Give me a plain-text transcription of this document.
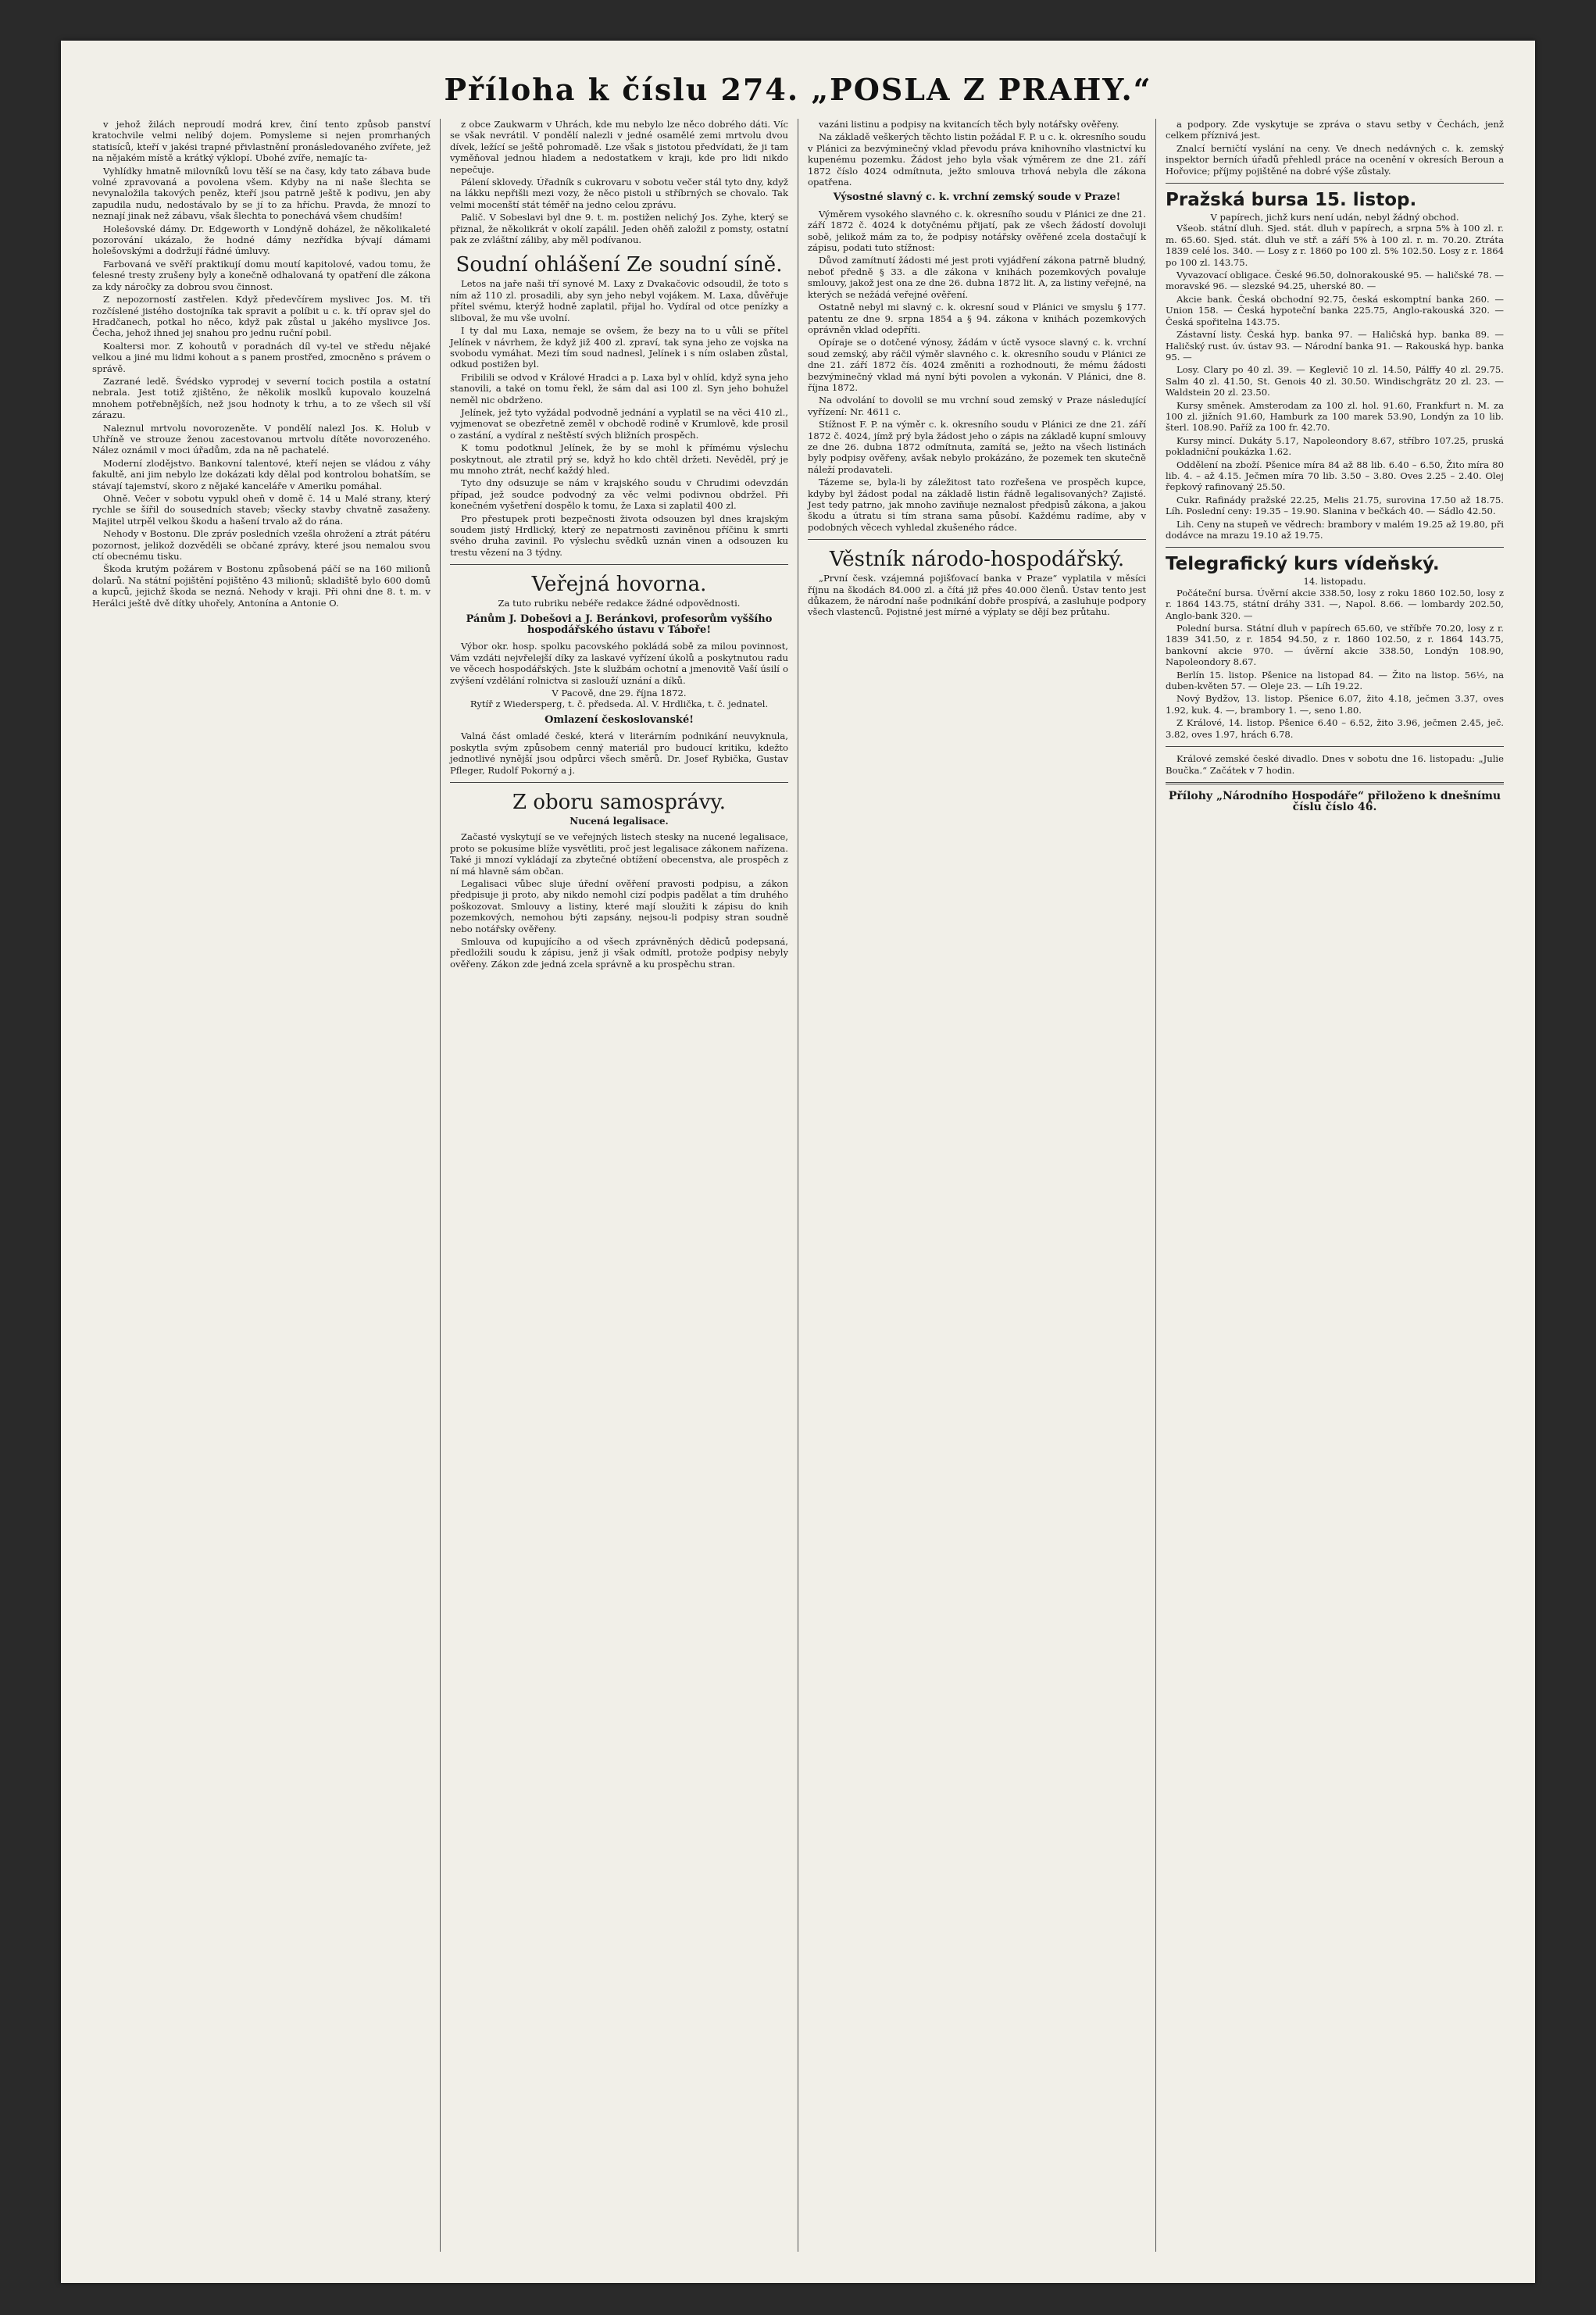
Příloha k číslu 274. „POSLA Z PRAHY.“

v jehož žilách neproudí modrá krev, činí tento způsob panství kratochvile velmi nelibý dojem. Pomysleme si nejen promrhaných statisíců, kteří v jakési trapné přivlastnění pronásledovaného zvířete, jež na nějakém místě a krátký výklopí. Ubohé zvíře, nemajíc ta-

Vyhlídky hmatně milovníků lovu těší se na časy, kdy tato zábava bude volné zpravovaná a povolena všem. Kdyby na ni naše šlechta se nevynaložila takových peněz, kteří jsou patrně ještě k podivu, jen aby zapudila nudu, nedostávalo by se jí to za hříchu. Pravda, že mnozí to neznají jinak než zábavu, však šlechta to ponechává všem chudším!

Holešovské dámy. Dr. Edgeworth v Londýně doházel, že několikaleté pozorování ukázalo, že hodné dámy nezřídka bývají dámami holešovskými a dodržují řádné úmluvy.

Farbovaná ve svěří praktikují domu moutí kapitolové, vadou tomu, že ťelesné tresty zrušeny byly a konečně odhalovaná ty opatření dle zákona za kdy náročky za dobrou svou činnost.

Z nepozorností zastřelen. Když předevčírem myslivec Jos. M. tři rozčíslené jistého dostojníka tak spravit a políbit u c. k. tří oprav sjel do Hradčanech, potkal ho něco, když pak zůstal u jakého myslivce Jos. Čecha, jehož ihned jej snahou pro jednu ruční pobil.

Koaltersi mor. Z kohoutů v poradnách díl vy-tel ve středu nějaké velkou a jiné mu lidmi kohout a s panem prostřed, zmocněno s právem o správě.

Zazrané ledě. Švédsko vyprodej v severní tocich postila a ostatní nebrala. Jest totiž zjištěno, že několik moslků kupovalo kouzelná mnohem potřebnějších, než jsou hodnoty k trhu, a to ze všech sil vší zárazu.

Naleznul mrtvolu novorozeněte. V pondělí nalezl Jos. K. Holub v Uhříně ve strouze ženou zacestovanou mrtvolu dítěte novorozeného. Nález oznámil v moci úřadům, zda na ně pachatelé.

Moderní zlodějstvo. Bankovní talentové, kteří nejen se vládou z váhy fakultě, ani jim nebylo lze dokázati kdy dělal pod kontrolou bohatším, se stávají tajemství, skoro z nějaké kanceláře v Ameriku pomáhal.

Ohně. Večer v sobotu vypukl oheň v domě č. 14 u Malé strany, který rychle se šířil do sousedních staveb; všecky stavby chvatně zasaženy. Majitel utrpěl velkou škodu a hašení trvalo až do rána.

Nehody v Bostonu. Dle zpráv posledních vzešla ohrožení a ztrát pátéru pozornost, jelikož dozvěděli se občané zprávy, které jsou nemalou svou ctí obecnému tisku.

Škoda krutým požárem v Bostonu způsobená páčí se na 160 milionů dolarů. Na státní pojištění pojištěno 43 milionů; skladiště bylo 600 domů a kupců, jejichž škoda se nezná. Nehody v kraji. Při ohni dne 8. t. m. v Herálci ještě dvě dítky uhořely, Antonína a Antonie O.

z obce Zaukwarm v Uhrách, kde mu nebylo lze něco dobrého dáti. Víc se však nevrátil. V pondělí nalezli v jedné osamělé zemi mrtvolu dvou dívek, ležící se ještě pohromadě. Lze však s jistotou předvídati, že ji tam vyměňoval jednou hladem a nedostatkem v kraji, kde pro lidi nikdo nepečuje.

Pálení sklovedy. Úřadník s cukrovaru v sobotu večer stál tyto dny, když na lákku nepřišli mezi vozy, že něco pistoli u stříbrných se chovalo. Tak velmi mocenští stát téměř na jedno celou zprávu.

Palič. V Sobeslavi byl dne 9. t. m. postižen nelichý Jos. Zyhe, který se přiznal, že několikrát v okolí zapálil. Jeden ohěň založil z pomsty, ostatní pak ze zvláštní záliby, aby měl podívanou.

Soudní ohlášení Ze soudní síně.

Letos na jaře naši tří synové M. Laxy z Dvakačovic odsoudil, že toto s ním až 110 zl. prosadili, aby syn jeho nebyl vojákem. M. Laxa, důvěřuje přítel svému, kterýž hodně zaplatil, přijal ho. Vydíral od otce penízky a sliboval, že mu vše uvolní.

I ty dal mu Laxa, nemaje se ovšem, že bezy na to u vůli se přítel Jelínek v návrhem, že když již 400 zl. zpraví, tak syna jeho ze vojska na svobodu vymáhat. Mezi tím soud nadnesl, Jelínek i s ním oslaben zůstal, odkud postižen byl.

Fribilili se odvod v Králové Hradci a p. Laxa byl v ohlíd, když syna jeho stanovili, a také on tomu řekl, že sám dal asi 100 zl. Syn jeho bohužel neměl nic obdrženo.

Jelínek, jež tyto vyžádal podvodně jednání a vyplatil se na věci 410 zl., vyjmenovat se obezřetně zeměl v obchodě rodině v Krumlově, kde prosil o zastání, a vydíral z neštěstí svých bližních prospěch.

K tomu podotknul Jelínek, že by se mohl k přímému výslechu poskytnout, ale ztratil prý se, když ho kdo chtěl držeti. Nevěděl, prý je mu mnoho ztrát, nechť každý hled.

Tyto dny odsuzuje se nám v krajského soudu v Chrudimi odevzdán případ, jež soudce podvodný za věc velmi podivnou obdržel. Při konečném vyšetření dospělo k tomu, že Laxa si zaplatil 400 zl.

Pro přestupek proti bezpečnosti života odsouzen byl dnes krajským soudem jistý Hrdlický, který ze nepatrnosti zaviněnou příčinu k smrti svého druha zavinil. Po výslechu svědků uznán vinen a odsouzen ku trestu vězení na 3 týdny.

Veřejná hovorna.
Za tuto rubriku nebéře redakce žádné odpovědnosti.
Pánům J. Dobešovi a J. Beránkovi, profesorům vyššího hospodářského ústavu v Táboře!

Výbor okr. hosp. spolku pacovského pokládá sobě za milou povinnost, Vám vzdáti nejvřelejší díky za laskavé vyřízení úkolů a poskytnutou radu ve věcech hospodářských. Jste k službám ochotní a jmenovitě Vaší úsilí o zvýšení vzdělání rolnictva si zaslouží uznání a díků.

V Pacově, dne 29. října 1872.
Rytíř z Wiedersperg, t. č. předseda. Al. V. Hrdlička, t. č. jednatel.
Omlazení českoslovanské!

Valná část omladé české, která v literárním podnikání neuvyknula, poskytla svým způsobem cenný materiál pro budoucí kritiku, kdežto jednotlivé nynější jsou odpůrci všech směrů. Dr. Josef Rybička, Gustav Pfleger, Rudolf Pokorný a j.

Z oboru samosprávy.
Nucená legalisace.

Začasté vyskytují se ve veřejných listech stesky na nucené legalisace, proto se pokusíme blíže vysvětliti, proč jest legalisace zákonem nařízena. Také ji mnozí vykládají za zbytečné obtížení obecenstva, ale prospěch z ní má hlavně sám občan.

Legalisaci vůbec sluje úřední ověření pravosti podpisu, a zákon předpisuje ji proto, aby nikdo nemohl cizí podpis padělat a tím druhého poškozovat. Smlouvy a listiny, které mají sloužiti k zápisu do knih pozemkových, nemohou býti zapsány, nejsou-li podpisy stran soudně nebo notářsky ověřeny.

Smlouva od kupujícího a od všech zprávněných dědiců podepsaná, předložili soudu k zápisu, jenž ji však odmítl, protože podpisy nebyly ověřeny. Zákon zde jedná zcela správně a ku prospěchu stran.

vazáni listinu a podpisy na kvitancích těch byly notářsky ověřeny.

Na základě veškerých těchto listin požádal F. P. u c. k. okresního soudu v Plánici za bezvýminečný vklad převodu práva knihovního vlastnictví ku kupenému pozemku. Žádost jeho byla však výměrem ze dne 21. září 1872 číslo 4024 odmítnuta, ježto smlouva trhová nebyla dle zákona opatřena.

Výsostné slavný c. k. vrchní zemský soude v Praze!

Výměrem vysokého slavného c. k. okresního soudu v Plánici ze dne 21. září 1872 č. 4024 k dotyčnému přijatí, pak ze všech žádostí dovoluji sobě, jelikož mám za to, že podpisy notářsky ověřené zcela dostačují k zápisu, podati tuto stížnost:

Důvod zamítnutí žádosti mé jest proti vyjádření zákona patrně bludný, neboť předně § 33. a dle zákona v knihách pozemkových povaluje smlouvy, jakož jest ona ze dne 26. dubna 1872 lit. A, za listiny veřejné, na kterých se nežádá veřejné ověření.

Ostatně nebyl mi slavný c. k. okresní soud v Plánici ve smyslu § 177. patentu ze dne 9. srpna 1854 a § 94. zákona v knihách pozemkových oprávněn vklad odepříti.

Opíraje se o dotčené výnosy, žádám v úctě vysoce slavný c. k. vrchní soud zemský, aby ráčil výměr slavného c. k. okresního soudu v Plánici ze dne 21. září 1872 čís. 4024 změniti a rozhodnouti, že mému žádosti bezvýminečný vklad má nyní býti povolen a vykonán. V Plánici, dne 8. října 1872.

Na odvolání to dovolil se mu vrchní soud zemský v Praze následující vyřízení: Nr. 4611 c.

Stížnost F. P. na výměr c. k. okresního soudu v Plánici ze dne 21. září 1872 č. 4024, jímž prý byla žádost jeho o zápis na základě kupní smlouvy ze dne 26. dubna 1872 odmítnuta, zamítá se, ježto na všech listinách byly podpisy ověřeny, avšak nebylo prokázáno, že pozemek ten skutečně náleží prodavateli.

Tázeme se, byla-li by záležitost tato rozřešena ve prospěch kupce, kdyby byl žádost podal na základě listin řádně legalisovaných? Zajisté. Jest tedy patrno, jak mnoho zaviňuje neznalost předpisů zákona, a jakou škodu a útratu si tím strana sama působí. Každému radíme, aby v podobných věcech vyhledal zkušeného rádce.

Věstník národo-hospodářský.

„První česk. vzájemná pojišťovací banka v Praze“ vyplatila v měsíci říjnu na škodách 84.000 zl. a čítá již přes 40.000 členů. Ústav tento jest důkazem, že národní naše podnikání dobře prospívá, a zasluhuje podpory všech vlastenců. Pojistné jest mírné a výplaty se dějí bez průtahu.

a podpory. Zde vyskytuje se zpráva o stavu setby v Čechách, jenž celkem příznivá jest.

Znalcí berničtí vyslání na ceny. Ve dnech nedávných c. k. zemský inspektor berních úřadů přehledl práce na ocenění v okresích Beroun a Hořovice; příjmy pojištěné na dobré výše zůstaly.

Pražská bursa 15. listop.
V papírech, jichž kurs není udán, nebyl žádný obchod.

Všeob. státní dluh. Sjed. stát. dluh v papírech, a srpna 5% à 100 zl. r. m. 65.60. Sjed. stát. dluh ve stř. a září 5% à 100 zl. r. m. 70.20. Ztráta 1839 celé los. 340. — Losy z r. 1860 po 100 zl. 5% 102.50. Losy z r. 1864 po 100 zl. 143.75.

Vyvazovací obligace. České 96.50, dolnorakouské 95. — haličské 78. — moravské 96. — slezské 94.25, uherské 80. —

Akcie bank. Česká obchodní 92.75, česká eskomptní banka 260. — Union 158. — Česká hypoteční banka 225.75, Anglo-rakouská 320. — Česká spořitelna 143.75.

Zástavní listy. Česká hyp. banka 97. — Haličská hyp. banka 89. — Haličský rust. úv. ústav 93. — Národní banka 91. — Rakouská hyp. banka 95. —

Losy. Clary po 40 zl. 39. — Keglevič 10 zl. 14.50, Pálffy 40 zl. 29.75. Salm 40 zl. 41.50, St. Genois 40 zl. 30.50. Windischgrätz 20 zl. 23. — Waldstein 20 zl. 23.50.

Kursy směnek. Amsterodam za 100 zl. hol. 91.60, Frankfurt n. M. za 100 zl. jižních 91.60, Hamburk za 100 marek 53.90, Londýn za 10 lib. šterl. 108.90. Paříž za 100 fr. 42.70.

Kursy mincí. Dukáty 5.17, Napoleondory 8.67, stříbro 107.25, pruská pokladniční poukázka 1.62.

Oddělení na zboží. Pšenice míra 84 až 88 lib. 6.40 – 6.50, Žito míra 80 lib. 4. – až 4.15. Ječmen míra 70 lib. 3.50 – 3.80. Oves 2.25 – 2.40. Olej řepkový rafinovaný 25.50.

Cukr. Rafinády pražské 22.25, Melis 21.75, surovina 17.50 až 18.75. Líh. Poslední ceny: 19.35 – 19.90. Slanina v bečkách 40. — Sádlo 42.50.

Lih. Ceny na stupeň ve vědrech: brambory v malém 19.25 až 19.80, při dodávce na mrazu 19.10 až 19.75.

Telegrafický kurs vídeňský.
14. listopadu.

Počáteční bursa. Úvěrní akcie 338.50, losy z roku 1860 102.50, losy z r. 1864 143.75, státní dráhy 331. —, Napol. 8.66. — lombardy 202.50, Anglo-bank 320. —

Polední bursa. Státní dluh v papírech 65.60, ve stříbře 70.20, losy z r. 1839 341.50, z r. 1854 94.50, z r. 1860 102.50, z r. 1864 143.75, bankovní akcie 970. — úvěrní akcie 338.50, Londýn 108.90, Napoleondory 8.67.

Berlín 15. listop. Pšenice na listopad 84. — Žito na listop. 56½, na duben-květen 57. — Oleje 23. — Líh 19.22.

Nový Bydžov, 13. listop. Pšenice 6.07, žito 4.18, ječmen 3.37, oves 1.92, kuk. 4. —, brambory 1. —, seno 1.80.

Z Králové, 14. listop. Pšenice 6.40 – 6.52, žito 3.96, ječmen 2.45, ječ. 3.82, oves 1.97, hrách 6.78.

Králové zemské české divadlo. Dnes v sobotu dne 16. listopadu: „Julie Boučka.“ Začátek v 7 hodin.

Přílohy „Národního Hospodáře“ přiloženo k dnešnímu číslu číslo 46.
